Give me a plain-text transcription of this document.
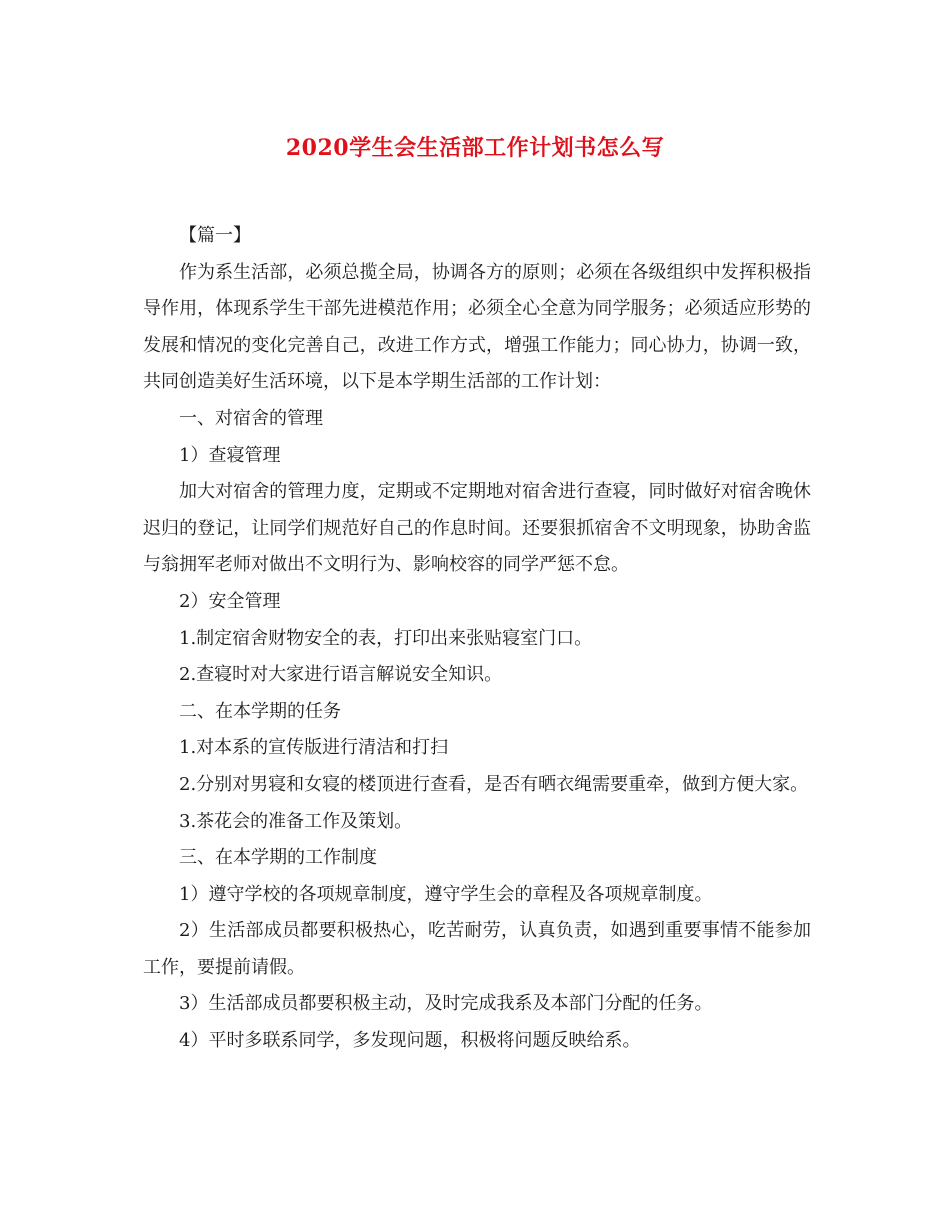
2020学生会生活部工作计划书怎么写

【篇一】

作为系生活部，必须总揽全局，协调各方的原则；必须在各级组织中发挥积极指导作用，体现系学生干部先进模范作用；必须全心全意为同学服务；必须适应形势的发展和情况的变化完善自己，改进工作方式，增强工作能力；同心协力，协调一致，共同创造美好生活环境，以下是本学期生活部的工作计划：

一、对宿舍的管理

1）查寝管理

加大对宿舍的管理力度，定期或不定期地对宿舍进行查寝，同时做好对宿舍晚休迟归的登记，让同学们规范好自己的作息时间。还要狠抓宿舍不文明现象，协助舍监与翁拥军老师对做出不文明行为、影响校容的同学严惩不怠。

2）安全管理

1.制定宿舍财物安全的表，打印出来张贴寝室门口。

2.查寝时对大家进行语言解说安全知识。

二、在本学期的任务

1.对本系的宣传版进行清洁和打扫

2.分别对男寝和女寝的楼顶进行查看，是否有晒衣绳需要重牵，做到方便大家。

3.茶花会的准备工作及策划。

三、在本学期的工作制度

1）遵守学校的各项规章制度，遵守学生会的章程及各项规章制度。

2）生活部成员都要积极热心，吃苦耐劳，认真负责，如遇到重要事情不能参加工作，要提前请假。

3）生活部成员都要积极主动，及时完成我系及本部门分配的任务。

4）平时多联系同学，多发现问题，积极将问题反映给系。
